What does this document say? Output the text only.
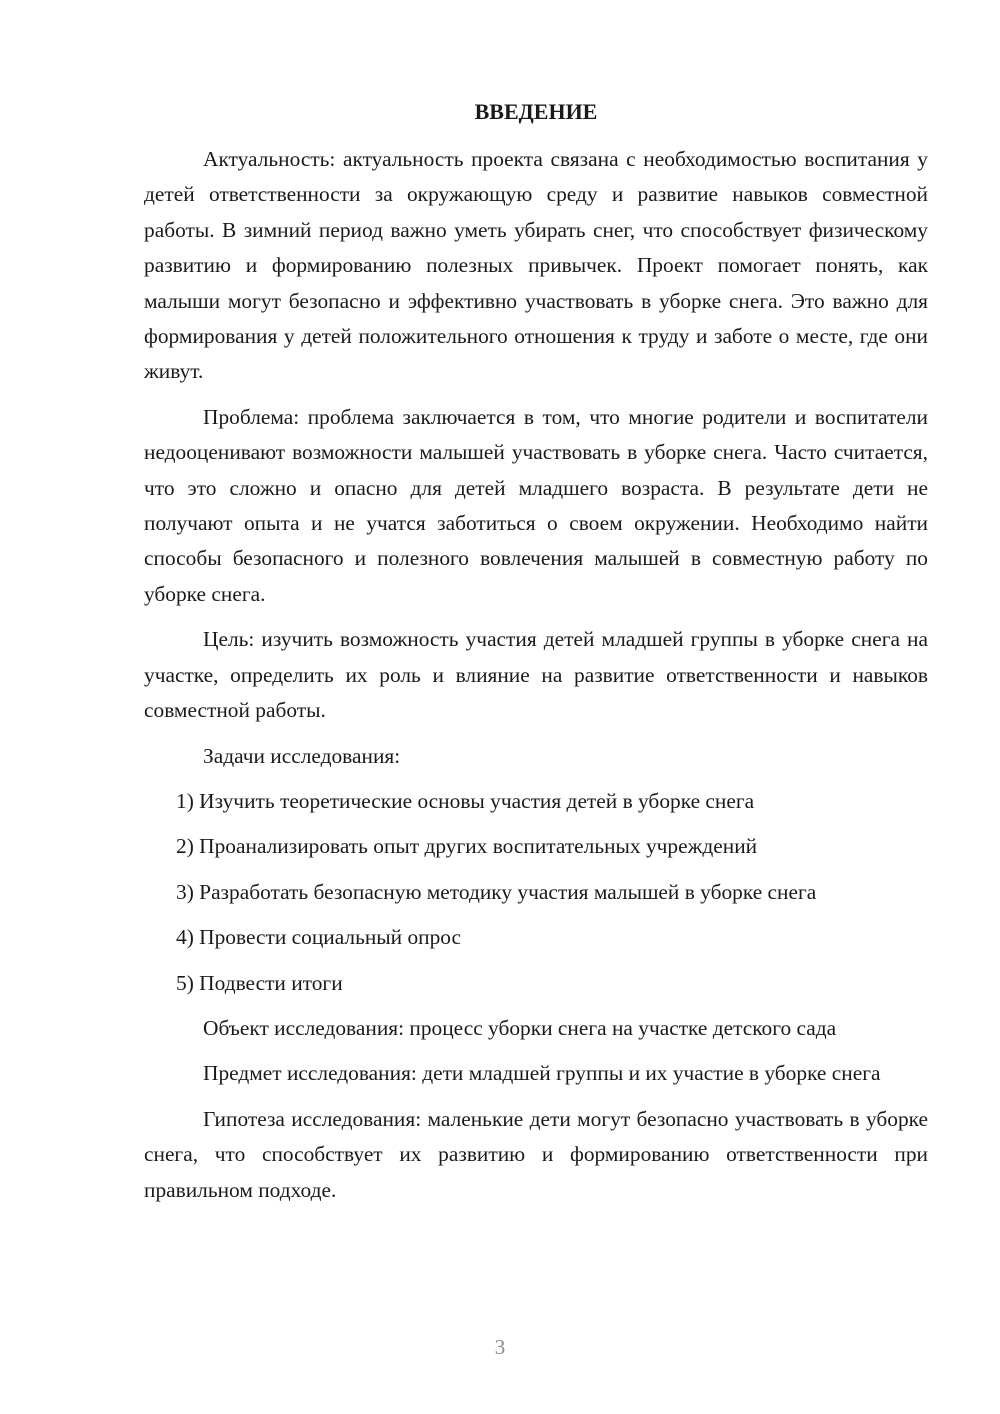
ВВЕДЕНИЕ

Актуальность: актуальность проекта связана с необходимостью воспитания у детей ответственности за окружающую среду и развитие навыков совместной работы. В зимний период важно уметь убирать снег, что способствует физическому развитию и формированию полезных привычек. Проект помогает понять, как малыши могут безопасно и эффективно участвовать в уборке снега. Это важно для формирования у детей положительного отношения к труду и заботе о месте, где они живут.

Проблема: проблема заключается в том, что многие родители и воспитатели недооценивают возможности малышей участвовать в уборке снега. Часто считается, что это сложно и опасно для детей младшего возраста. В результате дети не получают опыта и не учатся заботиться о своем окружении. Необходимо найти способы безопасного и полезного вовлечения малышей в совместную работу по уборке снега.

Цель: изучить возможность участия детей младшей группы в уборке снега на участке, определить их роль и влияние на развитие ответственности и навыков совместной работы.

Задачи исследования:

1) Изучить теоретические основы участия детей в уборке снега

2) Проанализировать опыт других воспитательных учреждений

3) Разработать безопасную методику участия малышей в уборке снега

4) Провести социальный опрос

5) Подвести итоги

Объект исследования: процесс уборки снега на участке детского сада

Предмет исследования: дети младшей группы и их участие в уборке снега

Гипотеза исследования: маленькие дети могут безопасно участвовать в уборке снега, что способствует их развитию и формированию ответственности при правильном подходе.

3
